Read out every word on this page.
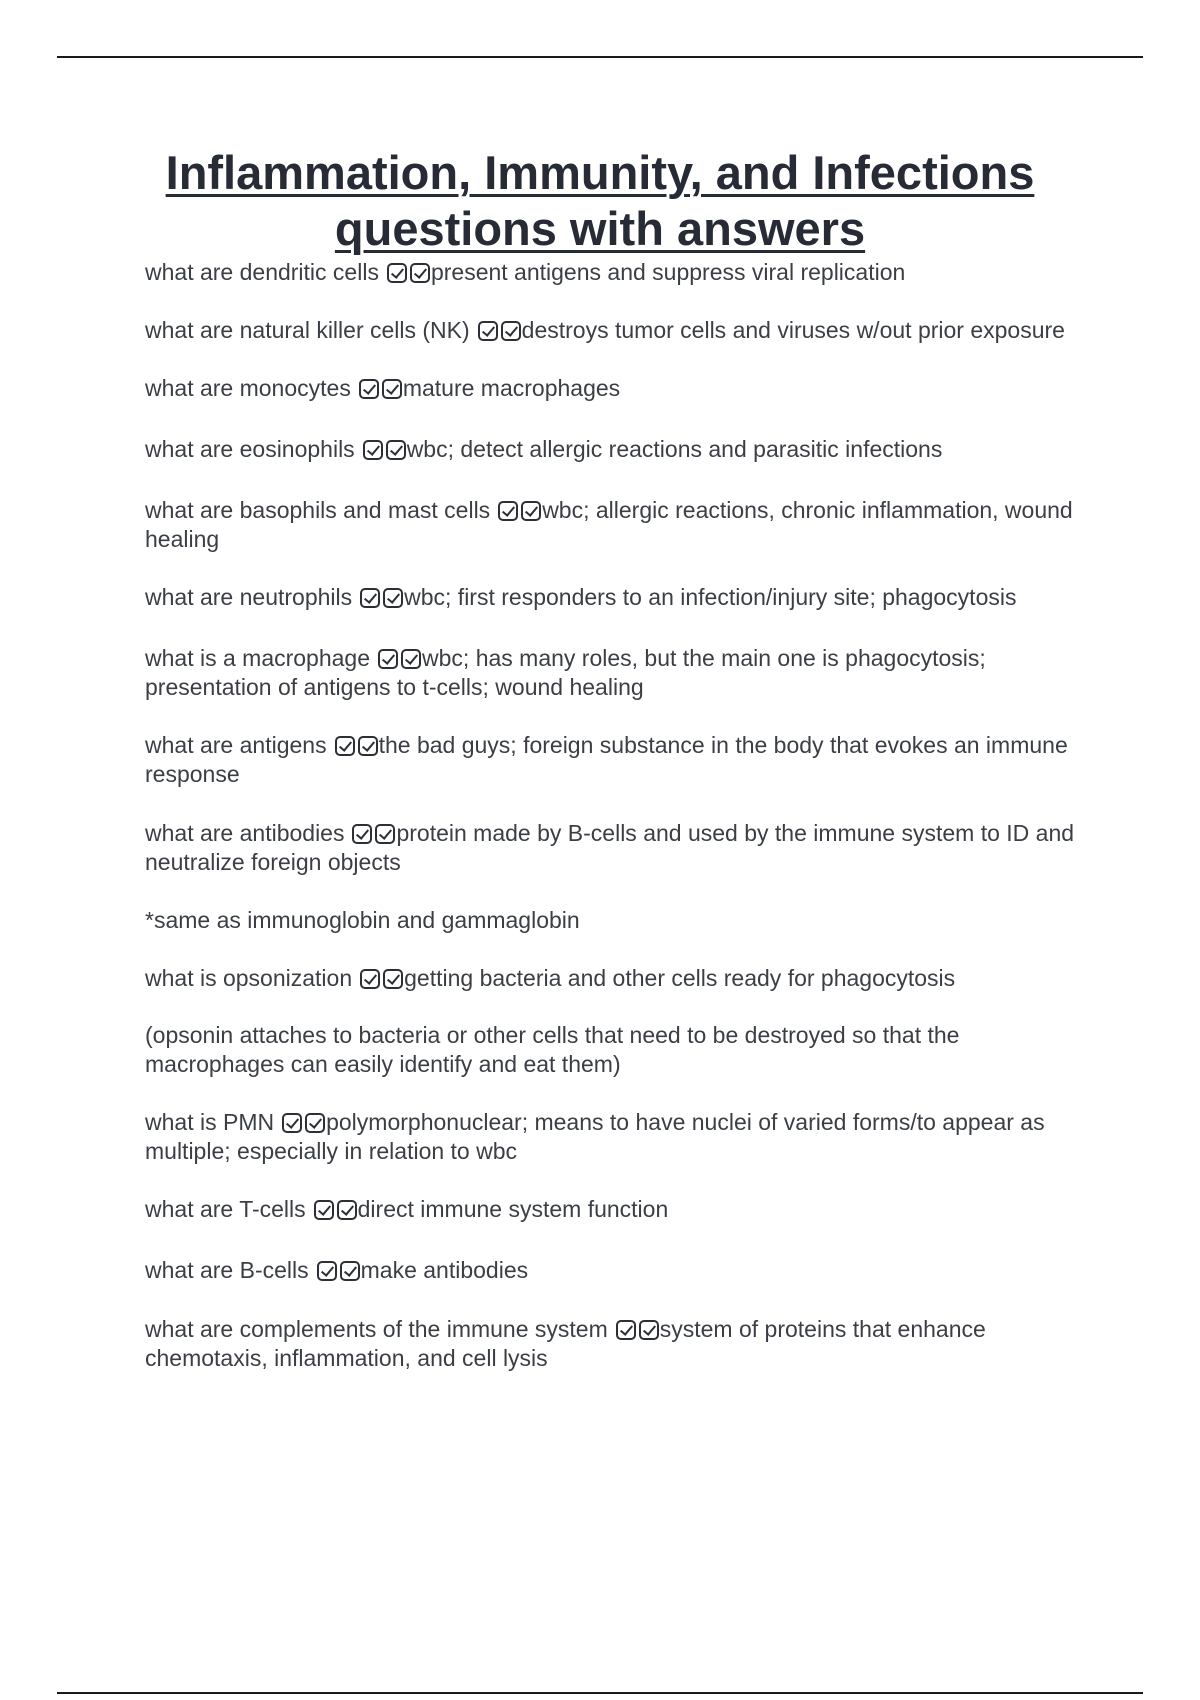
Inflammation, Immunity, and Infections questions with answers

what are dendritic cells present antigens and suppress viral replication

what are natural killer cells (NK) destroys tumor cells and viruses w/out prior exposure

what are monocytes mature macrophages

what are eosinophils wbc; detect allergic reactions and parasitic infections

what are basophils and mast cells wbc; allergic reactions, chronic inflammation, wound healing

what are neutrophils wbc; first responders to an infection/injury site; phagocytosis

what is a macrophage wbc; has many roles, but the main one is phagocytosis; presentation of antigens to t-cells; wound healing

what are antigens the bad guys; foreign substance in the body that evokes an immune response

what are antibodies protein made by B-cells and used by the immune system to ID and neutralize foreign objects

*same as immunoglobin and gammaglobin

what is opsonization getting bacteria and other cells ready for phagocytosis

(opsonin attaches to bacteria or other cells that need to be destroyed so that the macrophages can easily identify and eat them)

what is PMN polymorphonuclear; means to have nuclei of varied forms/to appear as multiple; especially in relation to wbc

what are T-cells direct immune system function

what are B-cells make antibodies

what are complements of the immune system system of proteins that enhance chemotaxis, inflammation, and cell lysis
